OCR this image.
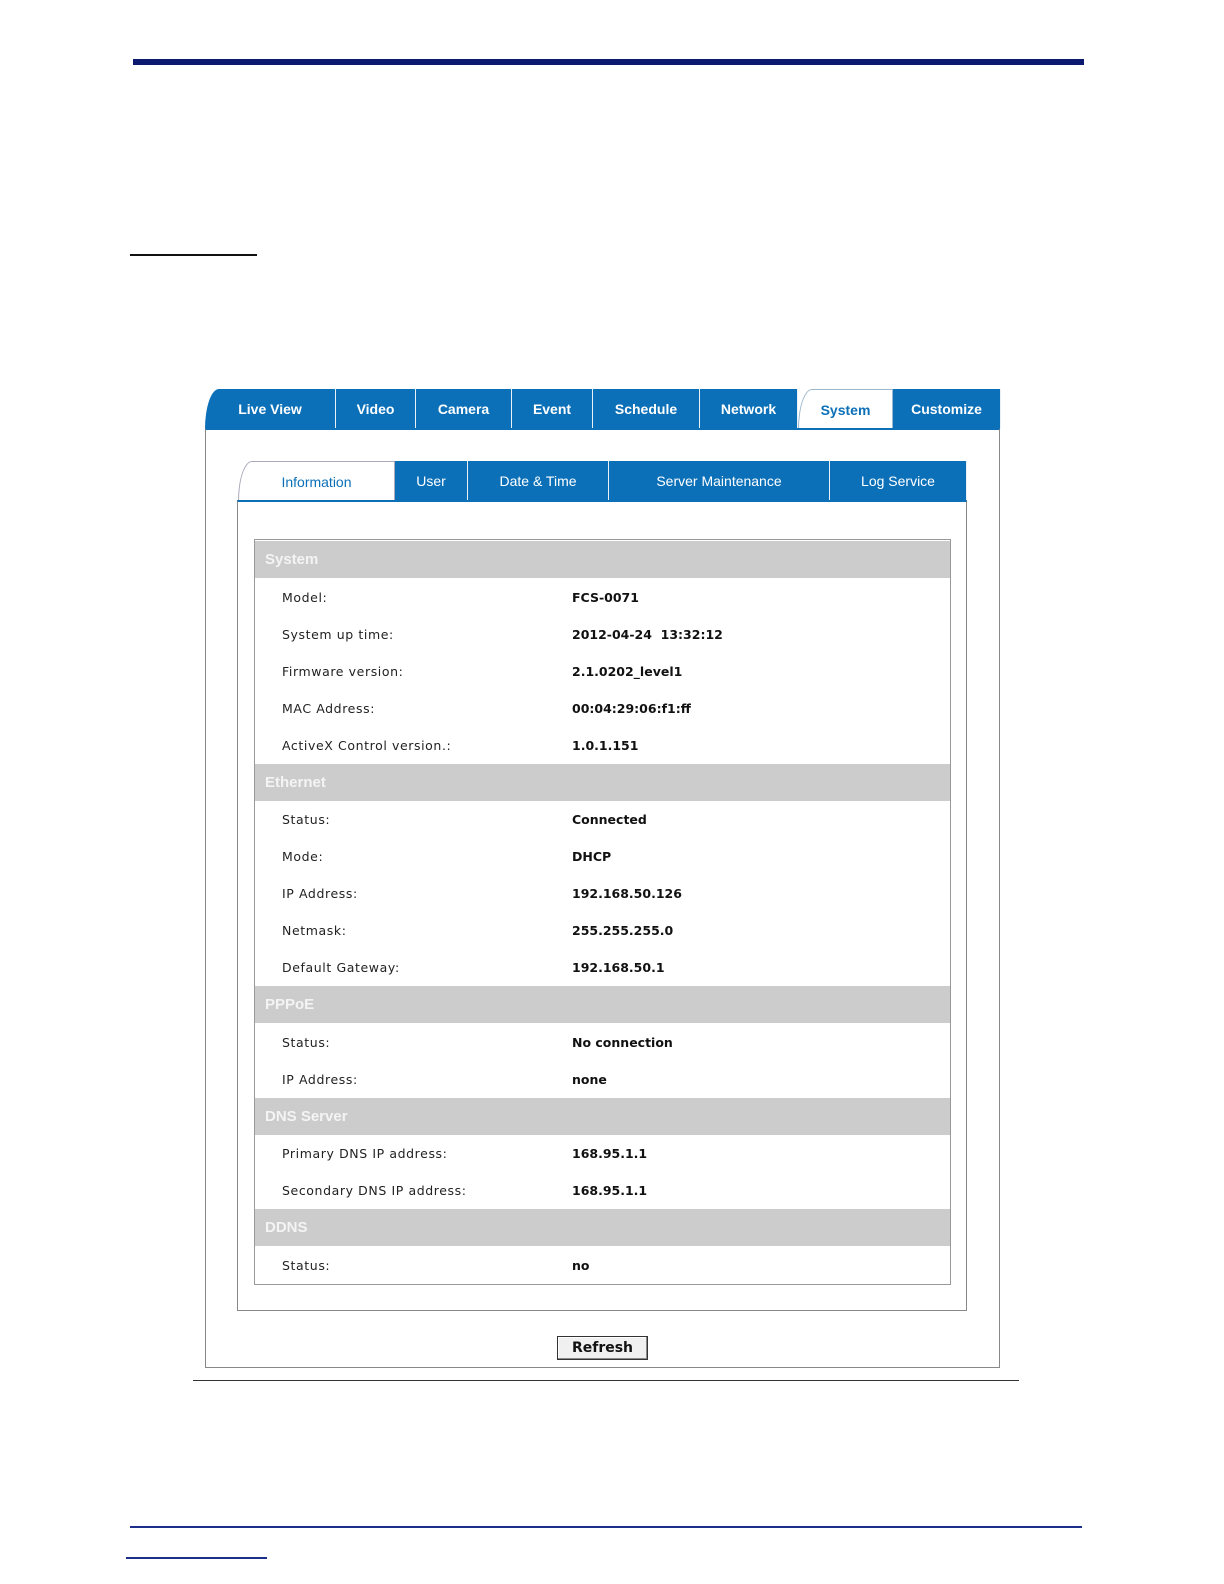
Live View	Video	Camera	Event	Schedule	Network	System	Customize
Information	User	Date & Time	Server Maintenance	Log Service
System
Model:	FCS-0071
System up time:	2012-04-24  13:32:12
Firmware version:	2.1.0202_level1
MAC Address:	00:04:29:06:f1:ff
ActiveX Control version.:	1.0.1.151
Ethernet
Status:	Connected
Mode:	DHCP
IP Address:	192.168.50.126
Netmask:	255.255.255.0
Default Gateway:	192.168.50.1
PPPoE
Status:	No connection
IP Address:	none
DNS Server
Primary DNS IP address:	168.95.1.1
Secondary DNS IP address:	168.95.1.1
DDNS
Status:	no
Refresh
